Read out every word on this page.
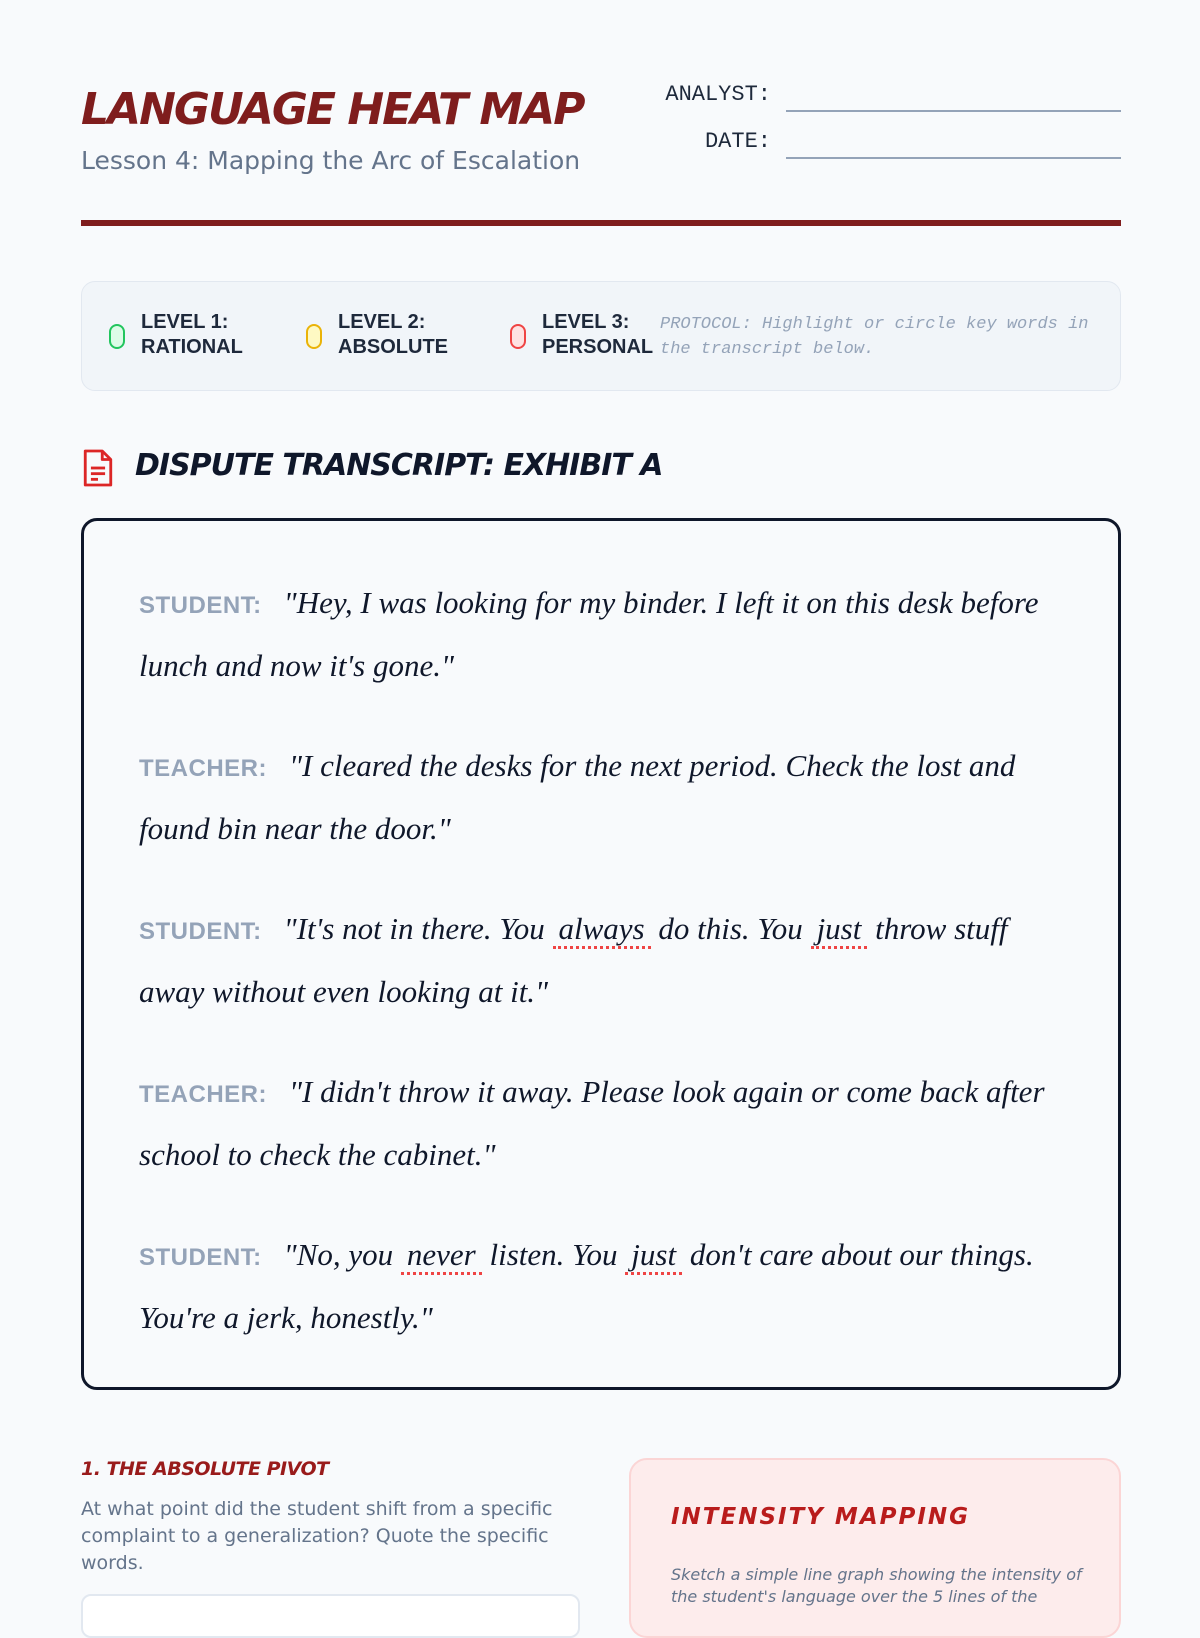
LANGUAGE HEAT MAP
Lesson 4: Mapping the Arc of Escalation
ANALYST:
DATE:
LEVEL 1:
RATIONAL
LEVEL 2:
ABSOLUTE
LEVEL 3:
PERSONAL
PROTOCOL: Highlight or circle key words in the transcript below.
DISPUTE TRANSCRIPT: EXHIBIT A
STUDENT: "Hey, I was looking for my binder. I left it on this desk before lunch and now it's gone."
TEACHER: "I cleared the desks for the next period. Check the lost and found bin near the door."
STUDENT: "It's not in there. You always do this. You just throw stuff away without even looking at it."
TEACHER: "I didn't throw it away. Please look again or come back after school to check the cabinet."
STUDENT: "No, you never listen. You just don't care about our things. You're a jerk, honestly."
1. THE ABSOLUTE PIVOT
At what point did the student shift from a specific complaint to a generalization? Quote the specific words.
INTENSITY MAPPING
Sketch a simple line graph showing the intensity of the student's language over the 5 lines of the
